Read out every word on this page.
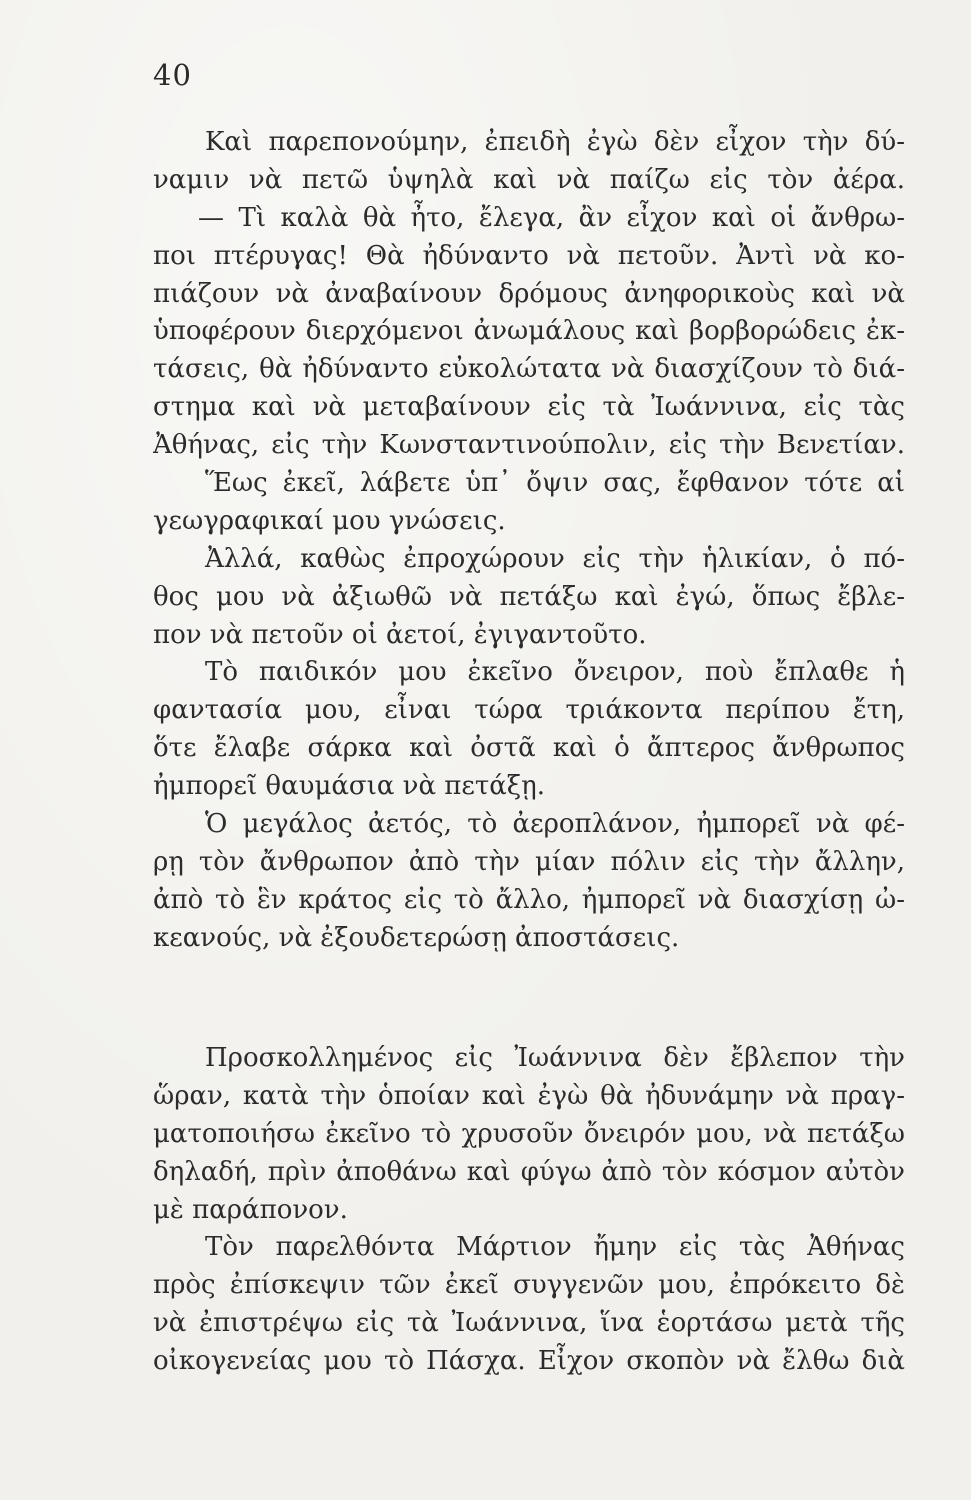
40
Καὶ παρεπονούμην, ἐπειδὴ ἐγὼ δὲν εἶχον τὴν δύ-
ναμιν νὰ πετῶ ὑψηλὰ καὶ νὰ παίζω εἰς τὸν ἀέρα.
— Τὶ καλὰ θὰ ἦτο, ἔλεγα, ἂν εἶχον καὶ οἱ ἄνθρω-
ποι πτέρυγας! Θὰ ἠδύναντο νὰ πετοῦν. Ἀντὶ νὰ κο-
πιάζουν νὰ ἀναβαίνουν δρόμους ἀνηφορικοὺς καὶ νὰ
ὑποφέρουν διερχόμενοι ἀνωμάλους καὶ βορβορώδεις ἐκ-
τάσεις, θὰ ἠδύναντο εὐκολώτατα νὰ διασχίζουν τὸ διά-
στημα καὶ νὰ μεταβαίνουν εἰς τὰ Ἰωάννινα, εἰς τὰς
Ἀθήνας, εἰς τὴν Κωνσταντινούπολιν, εἰς τὴν Βενετίαν.
Ἕως ἐκεῖ, λάβετε ὑπ᾽ ὄψιν σας, ἔφθανον τότε αἱ
γεωγραφικαί μου γνώσεις.
Ἀλλά, καθὼς ἐπροχώρουν εἰς τὴν ἡλικίαν, ὁ πό-
θος μου νὰ ἀξιωθῶ νὰ πετάξω καὶ ἐγώ, ὅπως ἔβλε-
πον νὰ πετοῦν οἱ ἀετοί, ἐγιγαντοῦτο.
Τὸ παιδικόν μου ἐκεῖνο ὄνειρον, ποὺ ἔπλαθε ἡ
φαντασία μου, εἶναι τώρα τριάκοντα περίπου ἔτη,
ὅτε ἔλαβε σάρκα καὶ ὀστᾶ καὶ ὁ ἄπτερος ἄνθρωπος
ἠμπορεῖ θαυμάσια νὰ πετάξῃ.
Ὁ μεγάλος ἀετός, τὸ ἀεροπλάνον, ἠμπορεῖ νὰ φέ-
ρῃ τὸν ἄνθρωπον ἀπὸ τὴν μίαν πόλιν εἰς τὴν ἄλλην,
ἀπὸ τὸ ἓν κράτος εἰς τὸ ἄλλο, ἠμπορεῖ νὰ διασχίσῃ ὠ-
κεανούς, νὰ ἐξουδετερώσῃ ἀποστάσεις.
Προσκολλημένος εἰς Ἰωάννινα δὲν ἔβλεπον τὴν
ὥραν, κατὰ τὴν ὁποίαν καὶ ἐγὼ θὰ ἠδυνάμην νὰ πραγ-
ματοποιήσω ἐκεῖνο τὸ χρυσοῦν ὄνειρόν μου, νὰ πετάξω
δηλαδή, πρὶν ἀποθάνω καὶ φύγω ἀπὸ τὸν κόσμον αὐτὸν
μὲ παράπονον.
Τὸν παρελθόντα Μάρτιον ἤμην εἰς τὰς Ἀθήνας
πρὸς ἐπίσκεψιν τῶν ἐκεῖ συγγενῶν μου, ἐπρόκειτο δὲ
νὰ ἐπιστρέψω εἰς τὰ Ἰωάννινα, ἵνα ἑορτάσω μετὰ τῆς
οἰκογενείας μου τὸ Πάσχα. Εἶχον σκοπὸν νὰ ἔλθω διὰ
